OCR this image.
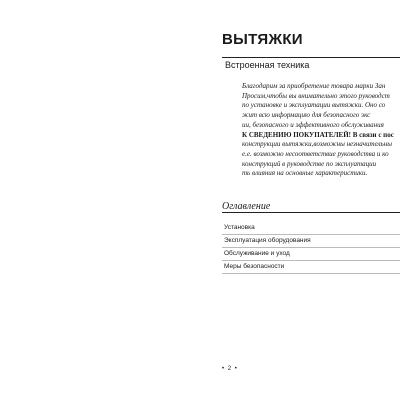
ВЫТЯЖКИ
Встроенная техника
Благодарим за приобретение товара марки Зан
Просим,чтобы вы внимательно этого руководст
по установке и эксплуатации вытяжки. Оно со
жит всю информацию для безопасного экс
ии, безопасного и эффективного обслуживания
К СВЕДЕНИЮ ПОКУПАТЕЛЕЙ! В связи с пос
конструкции вытяжки,возможны незначительны
е.е. возможно несоответствие руководства и ко
конструкций в руководстве по эксплуатации
ть влияния на основные характеристики.
Оглавление
Установка
Эксплуатация оборудования
Обслуживание и уход
Меры безопасности
• 2 •
